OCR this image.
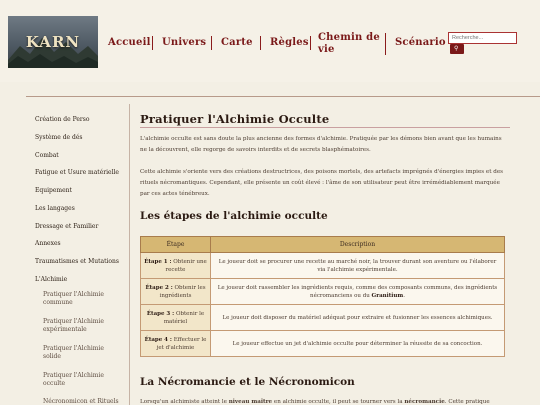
KARN	Accueil Univers Carte Règles Chemin de vie
Scénario
Recherche...
⚲
Création de Perso
Système de dés
Combat
Fatigue et Usure matérielle
Equipement
Les langages
Dressage et Familier
Annexes
Traumatismes et Mutations
L'Alchimie
Pratiquer l'Alchimie commune
Pratiquer l'Alchimie expérimentale
Pratiquer l'Alchimie solide
Pratiquer l'Alchimie occulte
Nécronomicon et Rituels
Pratiquer l'Alchimie Occulte
L'alchimie occulte est sans doute la plus ancienne des formes d'alchimie. Pratiquée par les démons bien avant que les humains ne la découvrent, elle regorge de savoirs interdits et de secrets blasphématoires.
Cette alchimie s'oriente vers des créations destructrices, des poisons mortels, des artefacts imprégnés d'énergies impies et des rituels nécromantiques. Cependant, elle présente un coût élevé : l'âme de son utilisateur peut être irrémédiablement marquée par ces actes ténébreux.
Les étapes de l'alchimie occulte
Étape	Description
Étape 1 : Obtenir une recette	Le joueur doit se procurer une recette au marché noir, la trouver durant son aventure ou l'élaborer via l'alchimie expérimentale.
Étape 2 : Obtenir les ingrédients	Le joueur doit rassembler les ingrédients requis, comme des composants communs, des ingrédients nécromanciens ou du Granitium.
Étape 3 : Obtenir le matériel	Le joueur doit disposer du matériel adéquat pour extraire et fusionner les essences alchimiques.
Étape 4 : Effectuer le jet d'alchimie	Le joueur effectue un jet d'alchimie occulte pour déterminer la réussite de sa concoction.
La Nécromancie et le Nécronomicon
Lorsqu'un alchimiste atteint le niveau maître en alchimie occulte, il peut se tourner vers la nécromancie. Cette pratique
